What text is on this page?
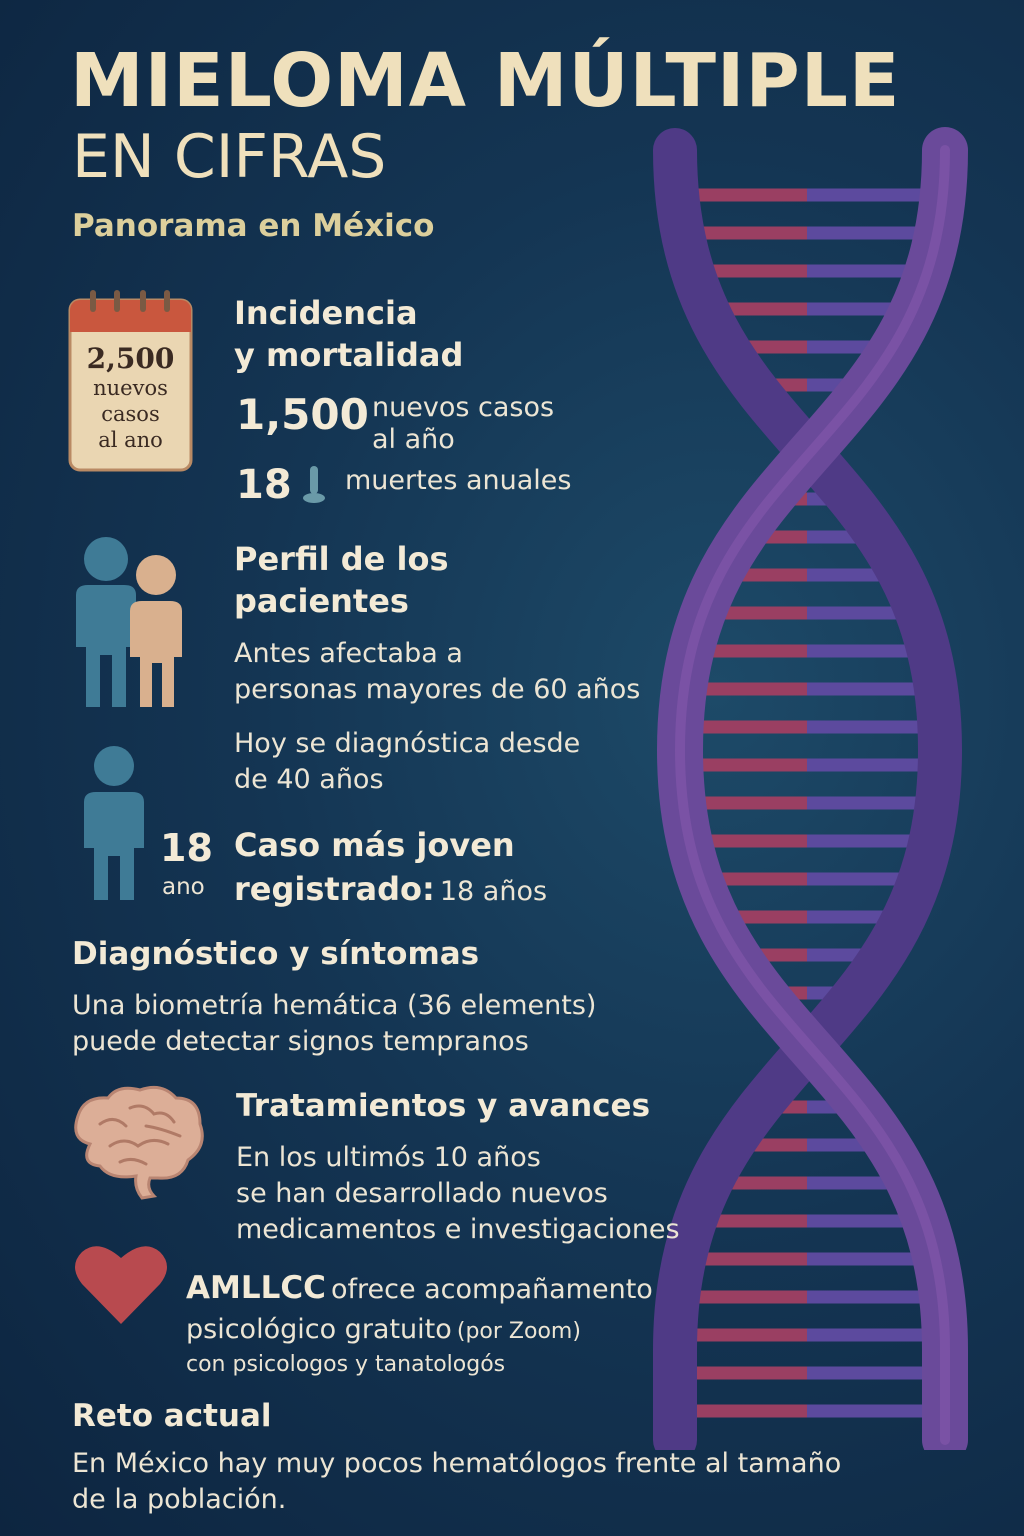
MIELOMA MÚLTIPLE
EN CIFRAS
Panorama en México
2,500
nuevos
casos
al ano
Incidencia
y mortalidad
1,500 nuevos casos
al año
18 muertes anuales
Perfil de los
pacientes
Antes afectaba a
personas mayores de 60 años
Hoy se diagnóstica desde
de 40 años
18
ano
Caso más joven
registrado: 18 años
Diagnóstico y síntomas
Una biometría hemática (36 elements)
puede detectar signos tempranos
Tratamientos y avances
En los ultimós 10 años
se han desarrollado nuevos
medicamentos e investigaciones
AMLLCC ofrece acompañamento
psicológico gratuito (por Zoom)
con psicologos y tanatologós
Reto actual
En México hay muy pocos hematólogos frente al tamaño
de la población.
